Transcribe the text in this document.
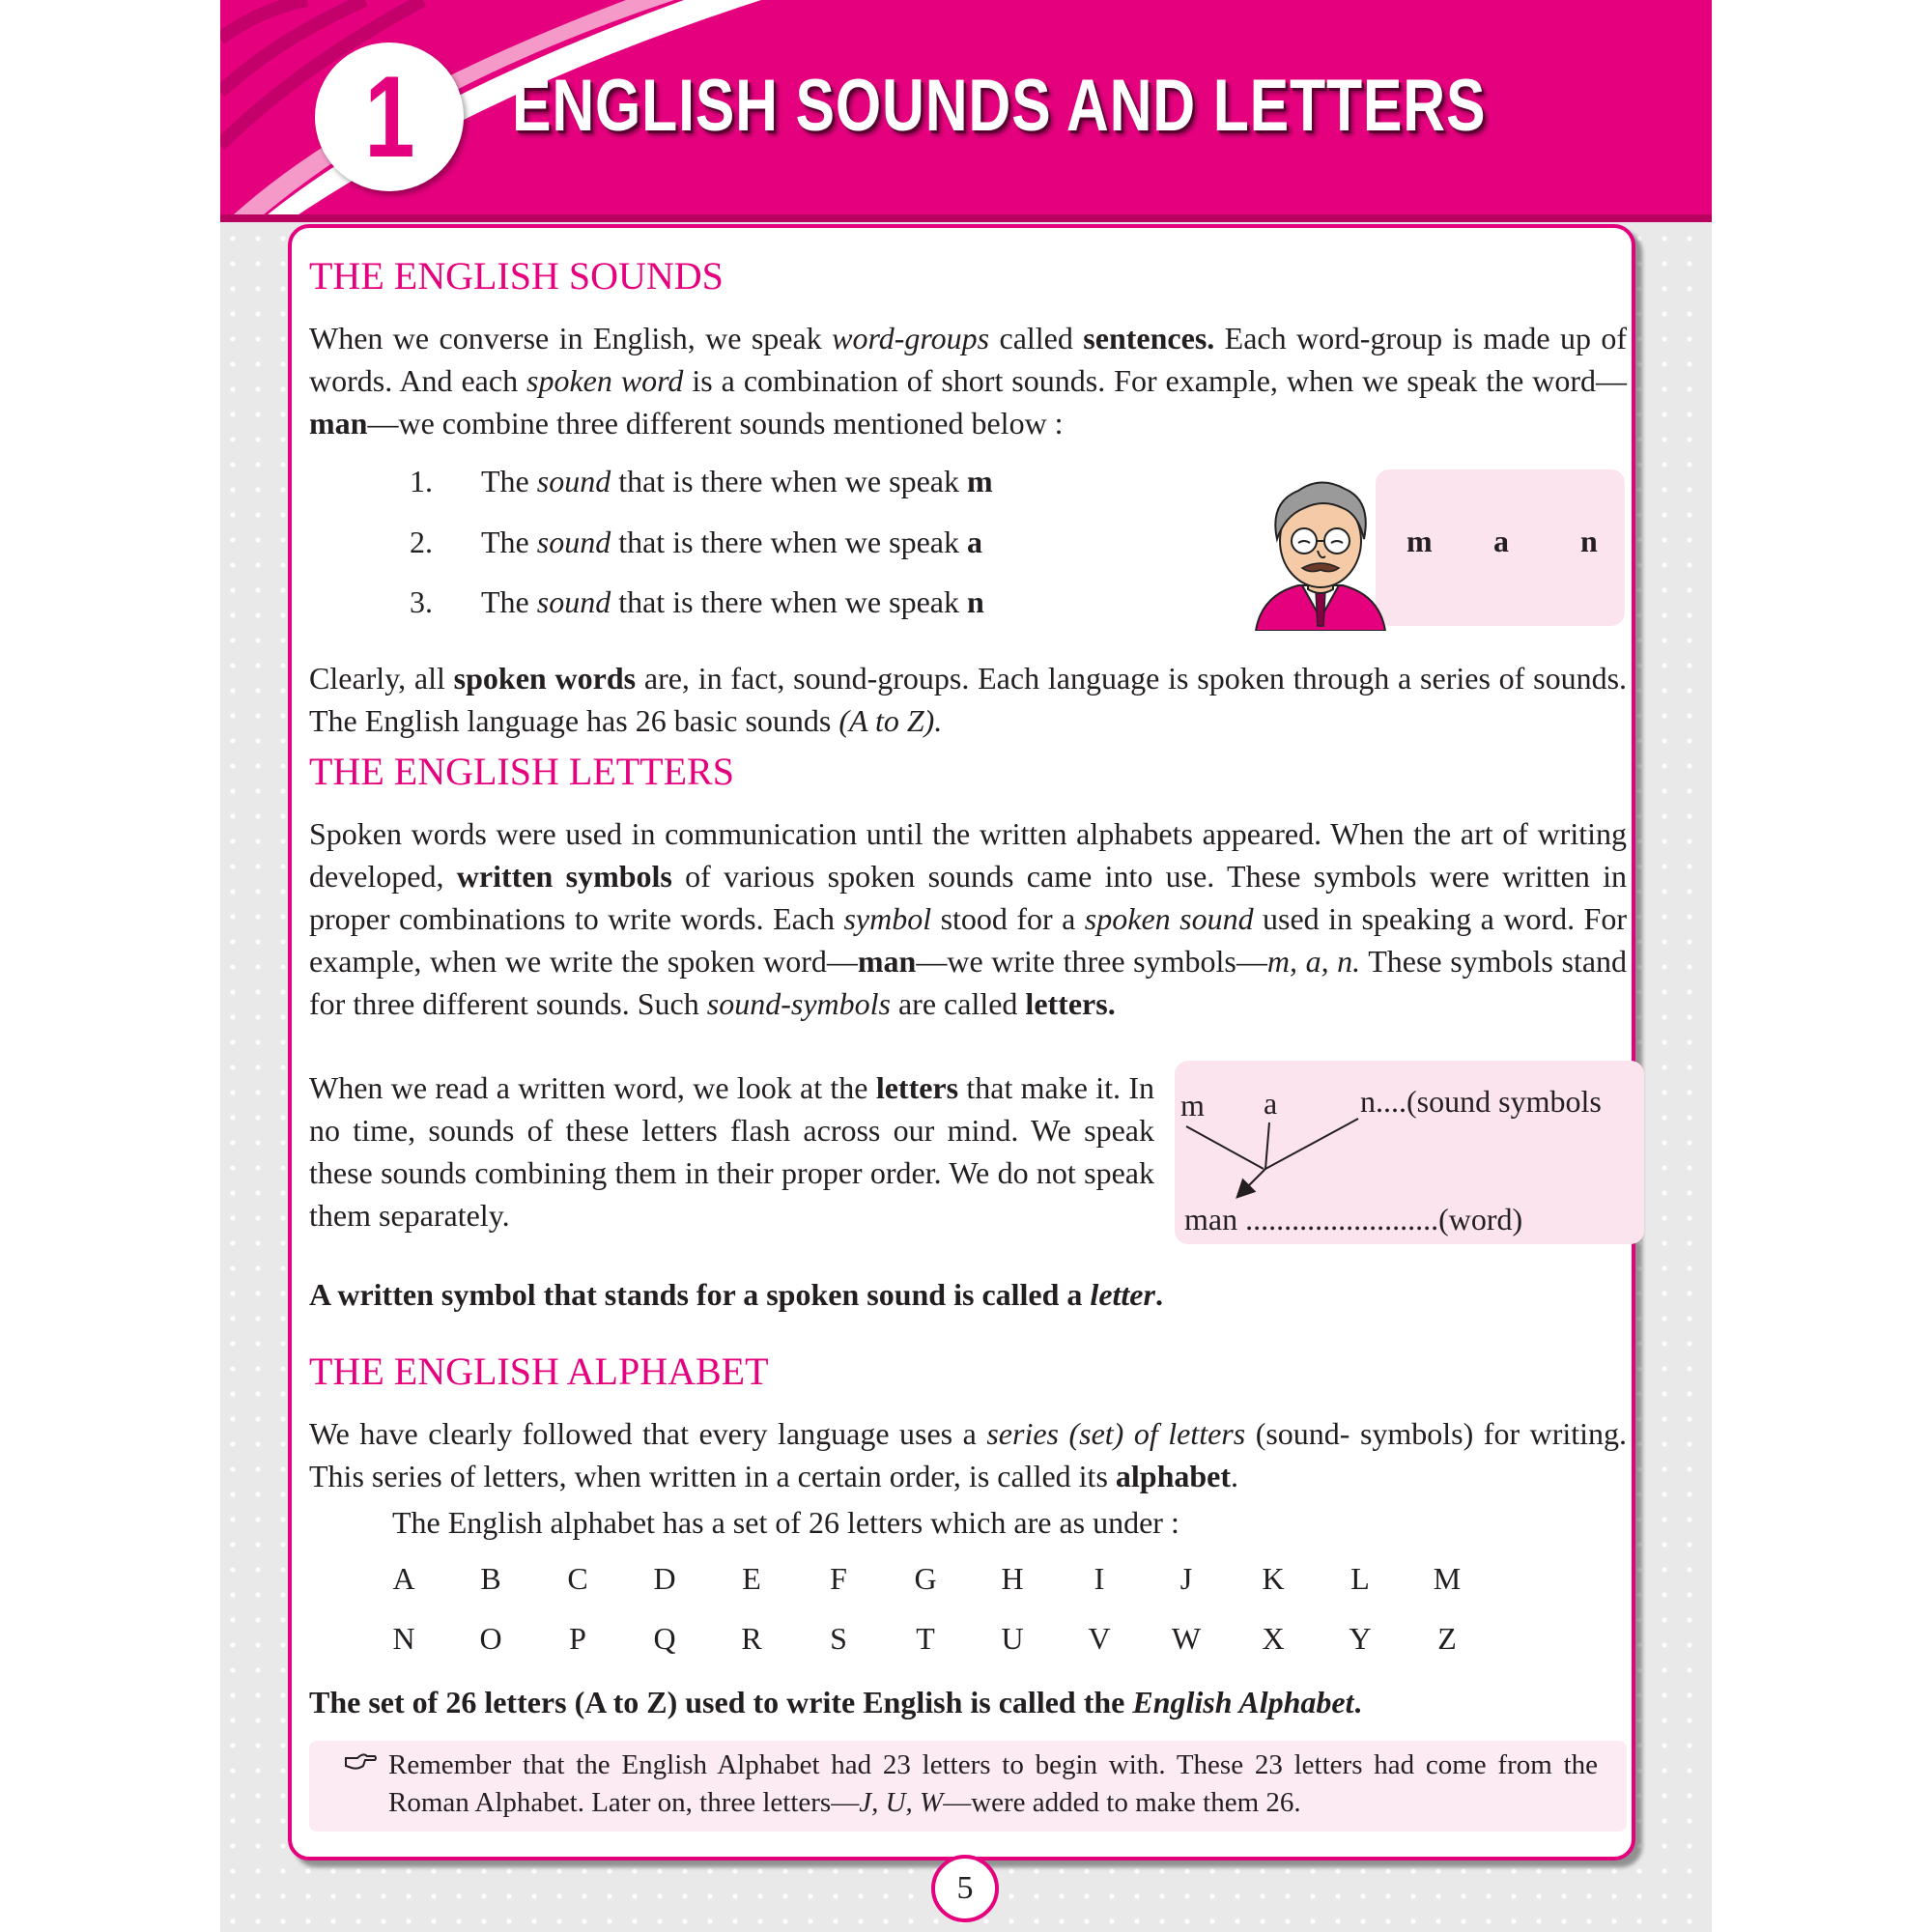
1 ENGLISH SOUNDS AND LETTERS
THE ENGLISH SOUNDS

When we converse in English, we speak word-groups called sentences. Each word-group is made up of words. And each spoken word is a combination of short sounds. For example, when we speak the word—man—we combine three different sounds mentioned below :

1. The sound that is there when we speak m
2. The sound that is there when we speak a
3. The sound that is there when we speak n
m a n

Clearly, all spoken words are, in fact, sound-groups. Each language is spoken through a series of sounds. The English language has 26 basic sounds (A to Z).

THE ENGLISH LETTERS

Spoken words were used in communication until the written alphabets appeared. When the art of writing developed, written symbols of various spoken sounds came into use. These symbols were written in proper combinations to write words. Each symbol stood for a spoken sound used in speaking a word. For example, when we write the spoken word—man—we write three symbols—m, a, n. These symbols stand for three different sounds. Such sound-symbols are called letters.

When we read a written word, we look at the letters that make it. In no time, sounds of these letters flash across our mind. We speak these sounds combining them in their proper order. We do not speak them separately.

m a	n....(sound symbols
man .........................(word)

A written symbol that stands for a spoken sound is called a letter.

THE ENGLISH ALPHABET

We have clearly followed that every language uses a series (set) of letters (sound- symbols) for writing. This series of letters, when written in a certain order, is called its alphabet.

The English alphabet has a set of 26 letters which are as under :

A B C D	E	F	G H	I	J	K	L	M
N O	P	Q R	S	T	U V W X Y	Z

The set of 26 letters (A to Z) used to write English is called the English Alphabet.

Remember that the English Alphabet had 23 letters to begin with. These 23 letters had come from the Roman Alphabet. Later on, three letters—J, U, W—were added to make them 26.

5
